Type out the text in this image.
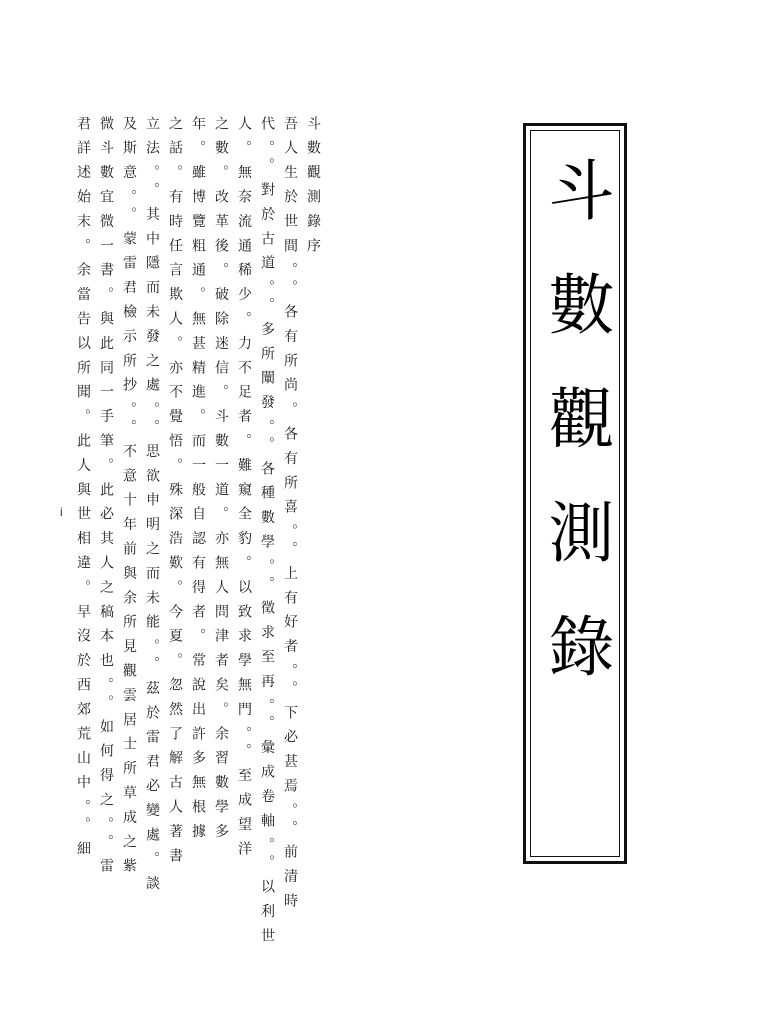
斗數觀測錄序
吾人生於世間。。各有所尚。各有所喜。。上有好者。。下必甚焉。。前清時
代。。對於古道。。多所闡發。。各種數學。。徵求至再。。彙成卷軸。。以利世
人。無奈流通稀少。力不足者。難窺全豹。以致求學無門。。至成望洋
之數。改革後。破除迷信。斗數一道。亦無人問津者矣。余習數學多
年。雖博覽粗通。無甚精進。而一般自認有得者。常說出許多無根據
之話。有時任言欺人。亦不覺悟。殊深浩歎。今夏。忽然了解古人著書
立法。。其中隱而未發之處。。思欲申明之而未能。。茲於雷君必變處。談
及斯意。。蒙雷君檢示所抄。。不意十年前與余所見觀雲居士所草成之紫
微斗數宜微一書。與此同一手筆。此必其人之稿本也。。如何得之。。雷
君詳述始末。余當告以所聞。此人與世相違。早沒於西郊荒山中。。細
i	斗數觀測錄
